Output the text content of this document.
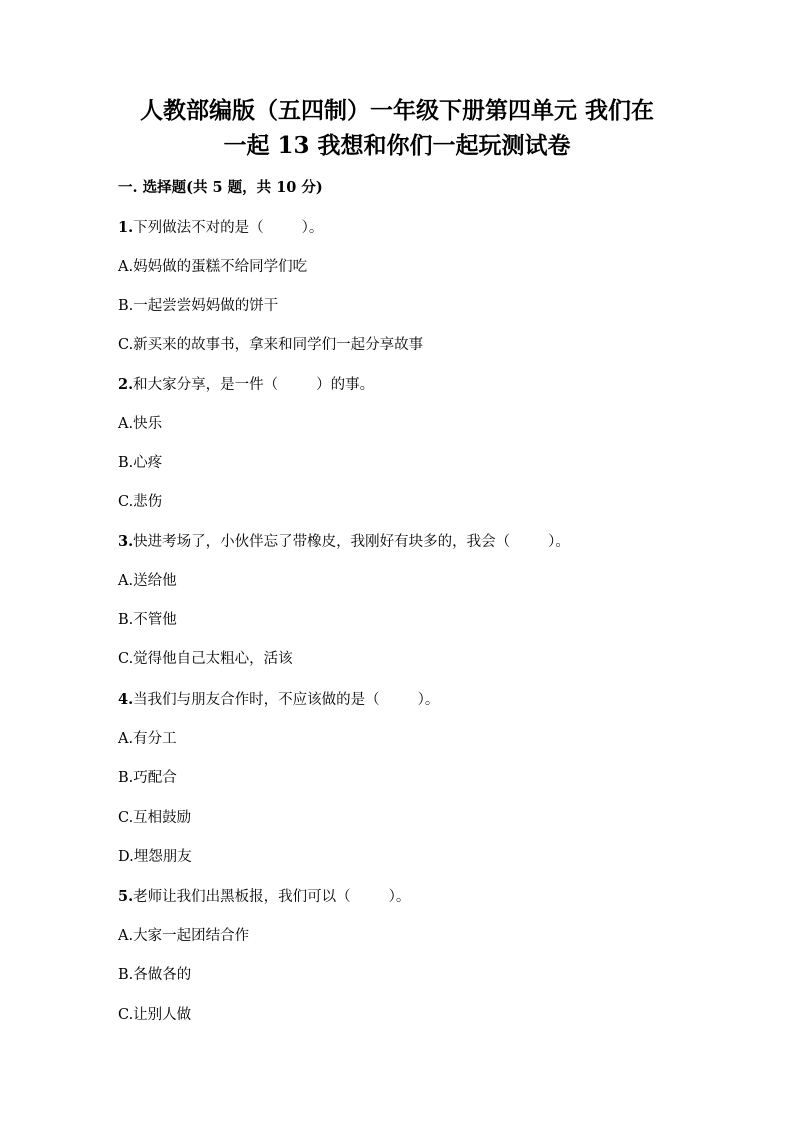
人教部编版（五四制）一年级下册第四单元 我们在
一起 13 我想和你们一起玩测试卷
一. 选择题(共 5 题，共 10 分)
1.下列做法不对的是（	）。
A.妈妈做的蛋糕不给同学们吃
B.一起尝尝妈妈做的饼干
C.新买来的故事书，拿来和同学们一起分享故事
2.和大家分享，是一件（	）的事。
A.快乐
B.心疼
C.悲伤
3.快进考场了，小伙伴忘了带橡皮，我刚好有块多的，我会（	）。
A.送给他
B.不管他
C.觉得他自己太粗心，活该
4.当我们与朋友合作时，不应该做的是（	）。
A.有分工
B.巧配合
C.互相鼓励
D.埋怨朋友
5.老师让我们出黑板报，我们可以（	）。
A.大家一起团结合作
B.各做各的
C.让别人做
